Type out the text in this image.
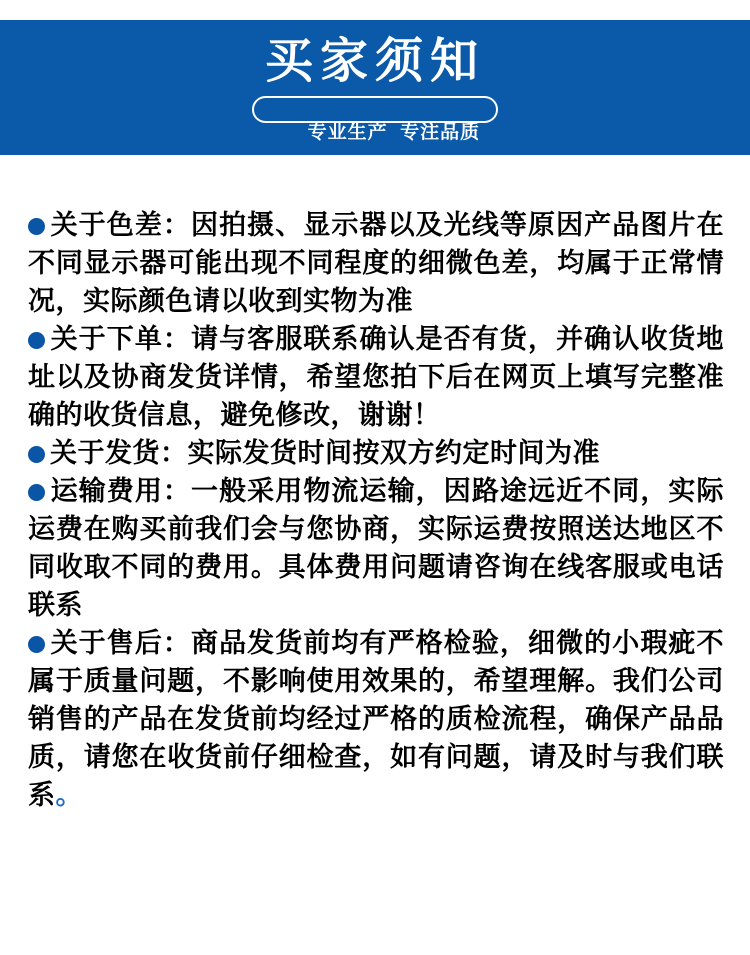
买家须知

专业生产  专注品质

关于色差：因拍摄、显示器以及光线等原因产品图片在不同显示器可能出现不同程度的细微色差，均属于正常情况，实际颜色请以收到实物为准

关于下单：请与客服联系确认是否有货，并确认收货地址以及协商发货详情，希望您拍下后在网页上填写完整准确的收货信息，避免修改，谢谢！

关于发货：实际发货时间按双方约定时间为准

运输费用：一般采用物流运输，因路途远近不同，实际运费在购买前我们会与您协商，实际运费按照送达地区不同收取不同的费用。具体费用问题请咨询在线客服或电话联系

关于售后：商品发货前均有严格检验，细微的小瑕疵不属于质量问题，不影响使用效果的，希望理解。我们公司销售的产品在发货前均经过严格的质检流程，确保产品品质，请您在收货前仔细检查，如有问题，请及时与我们联系。
